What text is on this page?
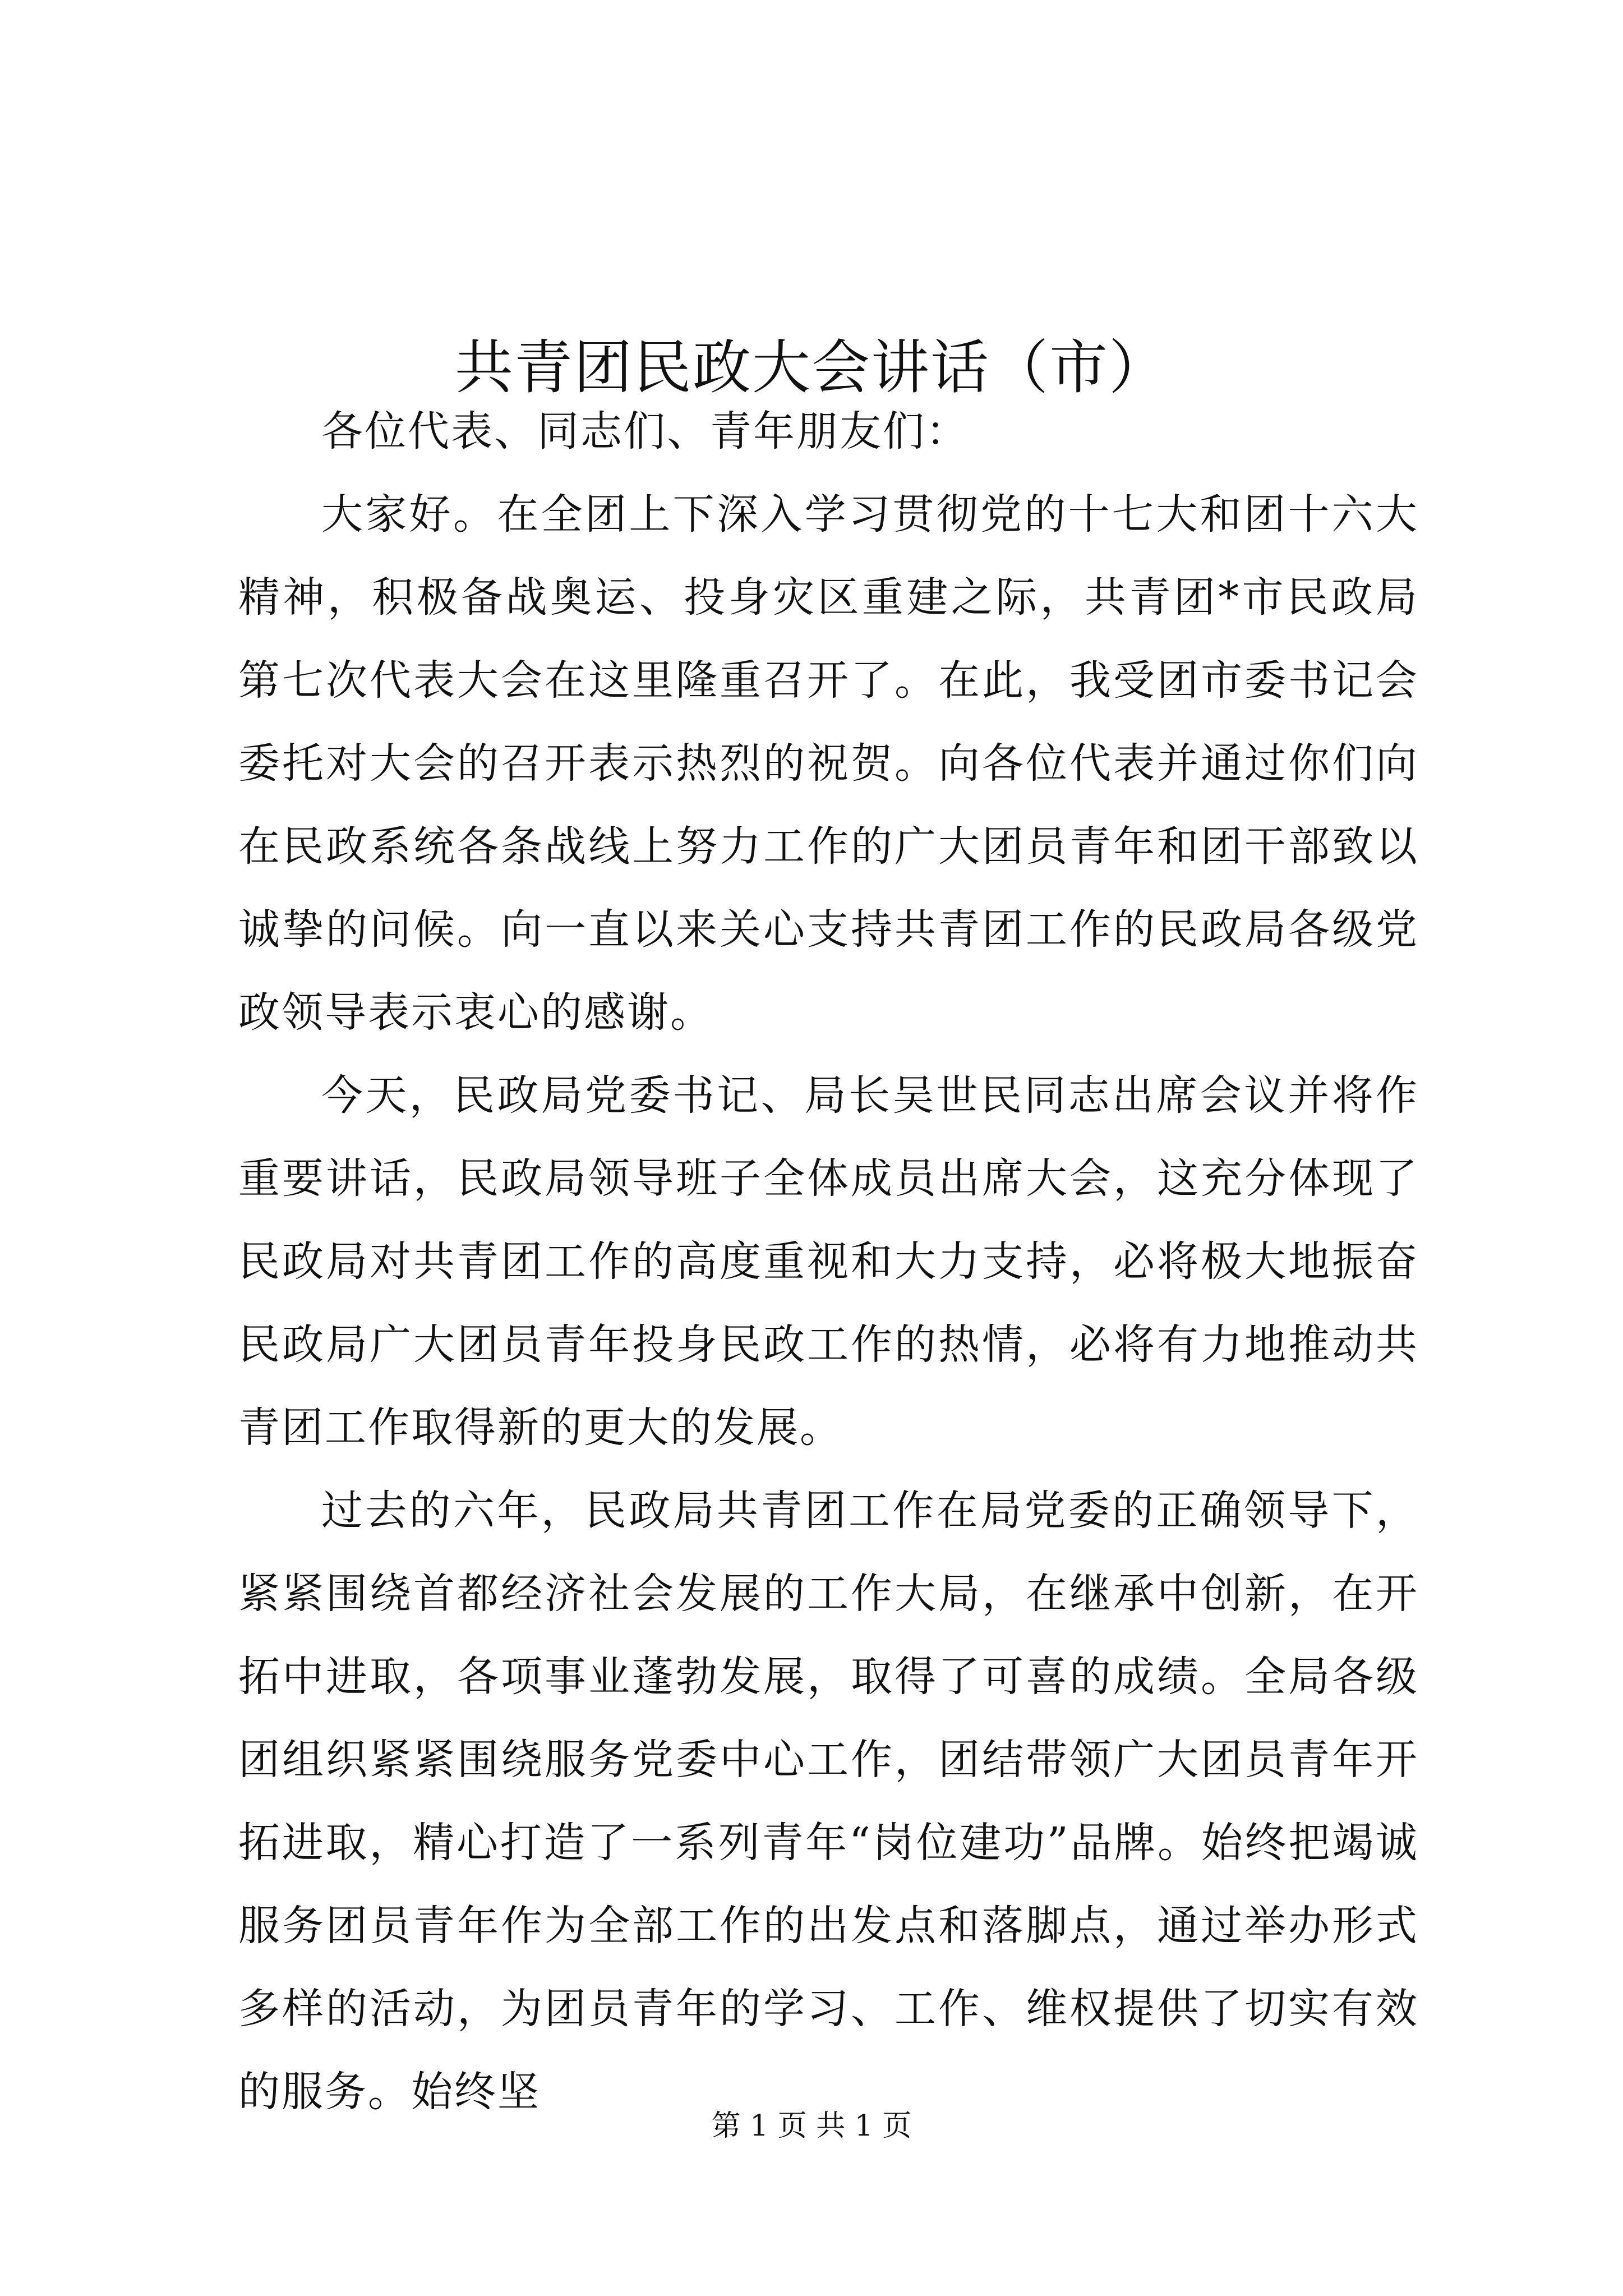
共青团民政大会讲话（市）

各位代表、同志们、青年朋友们：

大家好。在全团上下深入学习贯彻党的十七大和团十六大精神，积极备战奥运、投身灾区重建之际，共青团*市民政局第七次代表大会在这里隆重召开了。在此，我受团市委书记会委托对大会的召开表示热烈的祝贺。向各位代表并通过你们向在民政系统各条战线上努力工作的广大团员青年和团干部致以诚挚的问候。向一直以来关心支持共青团工作的民政局各级党政领导表示衷心的感谢。

今天，民政局党委书记、局长吴世民同志出席会议并将作重要讲话，民政局领导班子全体成员出席大会，这充分体现了民政局对共青团工作的高度重视和大力支持，必将极大地振奋民政局广大团员青年投身民政工作的热情，必将有力地推动共青团工作取得新的更大的发展。

过去的六年，民政局共青团工作在局党委的正确领导下，紧紧围绕首都经济社会发展的工作大局，在继承中创新，在开拓中进取，各项事业蓬勃发展，取得了可喜的成绩。全局各级团组织紧紧围绕服务党委中心工作，团结带领广大团员青年开拓进取，精心打造了一系列青年“岗位建功”品牌。始终把竭诚服务团员青年作为全部工作的出发点和落脚点，通过举办形式多样的活动，为团员青年的学习、工作、维权提供了切实有效的服务。始终坚

第 1 页 共 1 页
